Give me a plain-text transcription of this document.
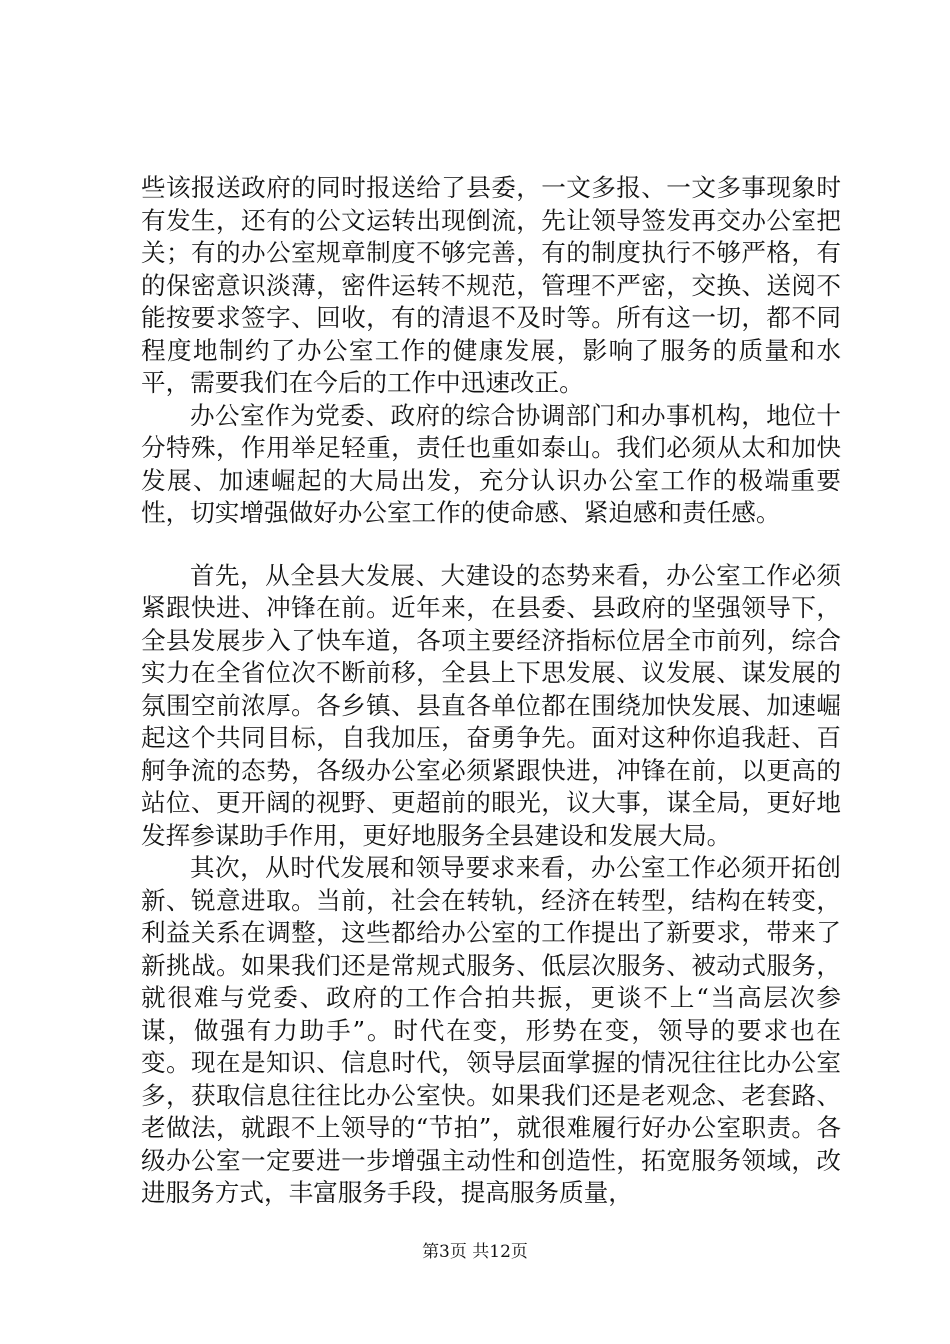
些该报送政府的同时报送给了县委，一文多报、一文多事现象时有发生，还有的公文运转出现倒流，先让领导签发再交办公室把关；有的办公室规章制度不够完善，有的制度执行不够严格，有的保密意识淡薄，密件运转不规范，管理不严密，交换、送阅不能按要求签字、回收，有的清退不及时等。所有这一切，都不同程度地制约了办公室工作的健康发展，影响了服务的质量和水平，需要我们在今后的工作中迅速改正。

办公室作为党委、政府的综合协调部门和办事机构，地位十分特殊，作用举足轻重，责任也重如泰山。我们必须从太和加快发展、加速崛起的大局出发，充分认识办公室工作的极端重要性，切实增强做好办公室工作的使命感、紧迫感和责任感。

首先，从全县大发展、大建设的态势来看，办公室工作必须紧跟快进、冲锋在前。近年来，在县委、县政府的坚强领导下，全县发展步入了快车道，各项主要经济指标位居全市前列，综合实力在全省位次不断前移，全县上下思发展、议发展、谋发展的氛围空前浓厚。各乡镇、县直各单位都在围绕加快发展、加速崛起这个共同目标，自我加压，奋勇争先。面对这种你追我赶、百舸争流的态势，各级办公室必须紧跟快进，冲锋在前，以更高的站位、更开阔的视野、更超前的眼光，议大事，谋全局，更好地发挥参谋助手作用，更好地服务全县建设和发展大局。

其次，从时代发展和领导要求来看，办公室工作必须开拓创新、锐意进取。当前，社会在转轨，经济在转型，结构在转变，利益关系在调整，这些都给办公室的工作提出了新要求，带来了新挑战。如果我们还是常规式服务、低层次服务、被动式服务，就很难与党委、政府的工作合拍共振，更谈不上“当高层次参谋，做强有力助手”。时代在变，形势在变，领导的要求也在变。现在是知识、信息时代，领导层面掌握的情况往往比办公室多，获取信息往往比办公室快。如果我们还是老观念、老套路、老做法，就跟不上领导的“节拍”，就很难履行好办公室职责。各级办公室一定要进一步增强主动性和创造性，拓宽服务领域，改进服务方式，丰富服务手段，提高服务质量，

第3页 共12页
